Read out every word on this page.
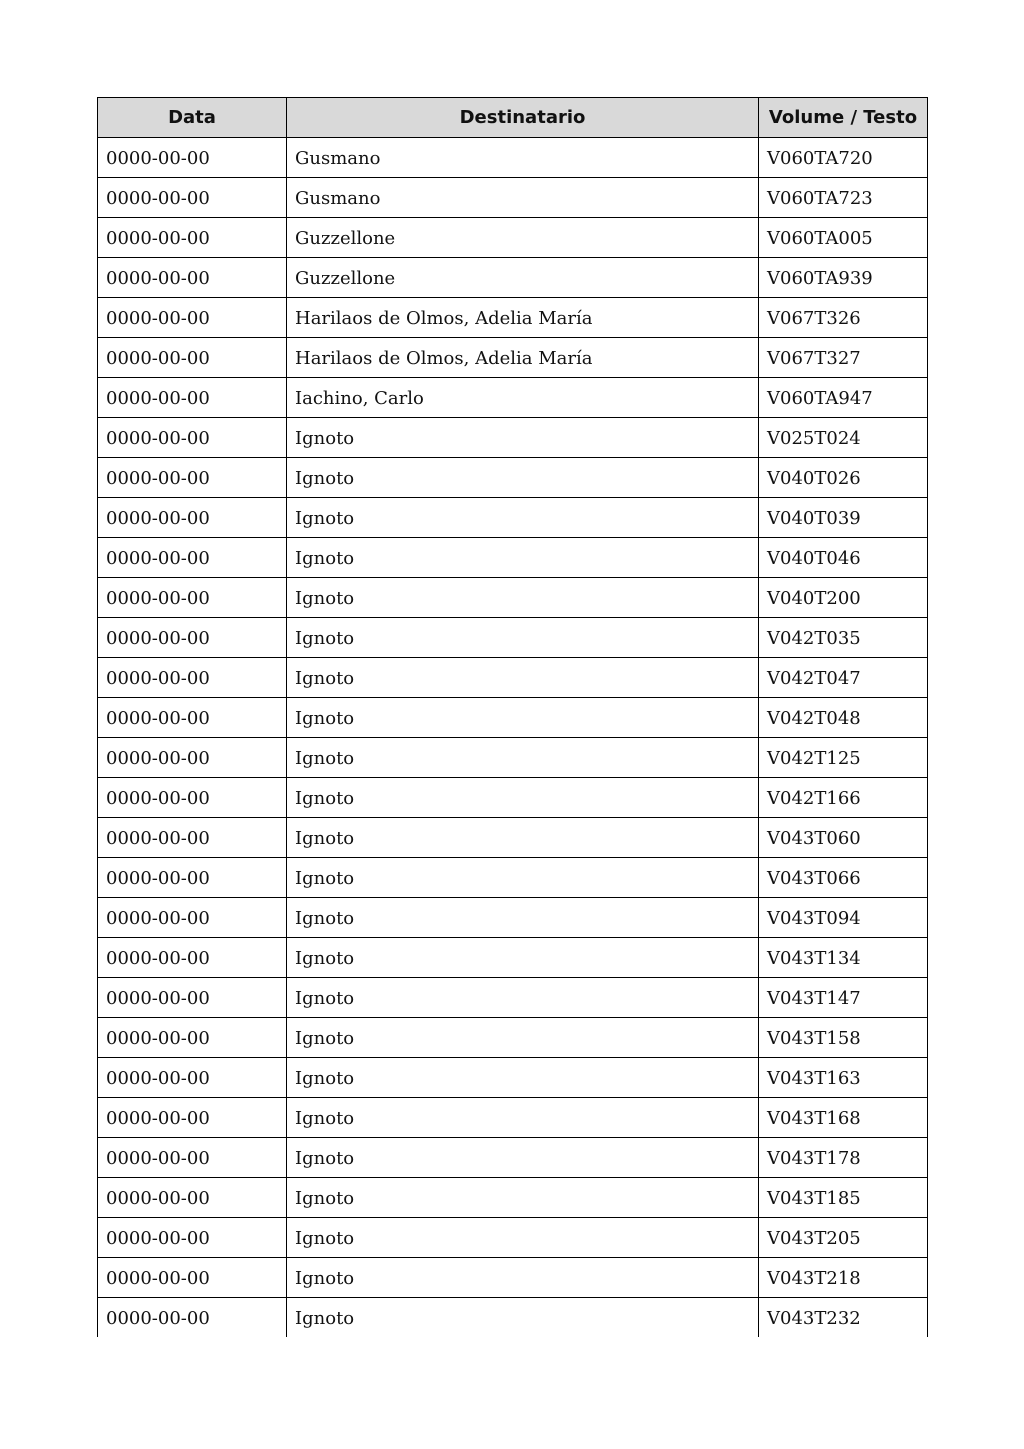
Data	Destinatario	Volume / Testo
0000-00-00	Gusmano	V060TA720
0000-00-00	Gusmano	V060TA723
0000-00-00	Guzzellone	V060TA005
0000-00-00	Guzzellone	V060TA939
0000-00-00	Harilaos de Olmos, Adelia María	V067T326
0000-00-00	Harilaos de Olmos, Adelia María	V067T327
0000-00-00	Iachino, Carlo	V060TA947
0000-00-00	Ignoto	V025T024
0000-00-00	Ignoto	V040T026
0000-00-00	Ignoto	V040T039
0000-00-00	Ignoto	V040T046
0000-00-00	Ignoto	V040T200
0000-00-00	Ignoto	V042T035
0000-00-00	Ignoto	V042T047
0000-00-00	Ignoto	V042T048
0000-00-00	Ignoto	V042T125
0000-00-00	Ignoto	V042T166
0000-00-00	Ignoto	V043T060
0000-00-00	Ignoto	V043T066
0000-00-00	Ignoto	V043T094
0000-00-00	Ignoto	V043T134
0000-00-00	Ignoto	V043T147
0000-00-00	Ignoto	V043T158
0000-00-00	Ignoto	V043T163
0000-00-00	Ignoto	V043T168
0000-00-00	Ignoto	V043T178
0000-00-00	Ignoto	V043T185
0000-00-00	Ignoto	V043T205
0000-00-00	Ignoto	V043T218
0000-00-00	Ignoto	V043T232
